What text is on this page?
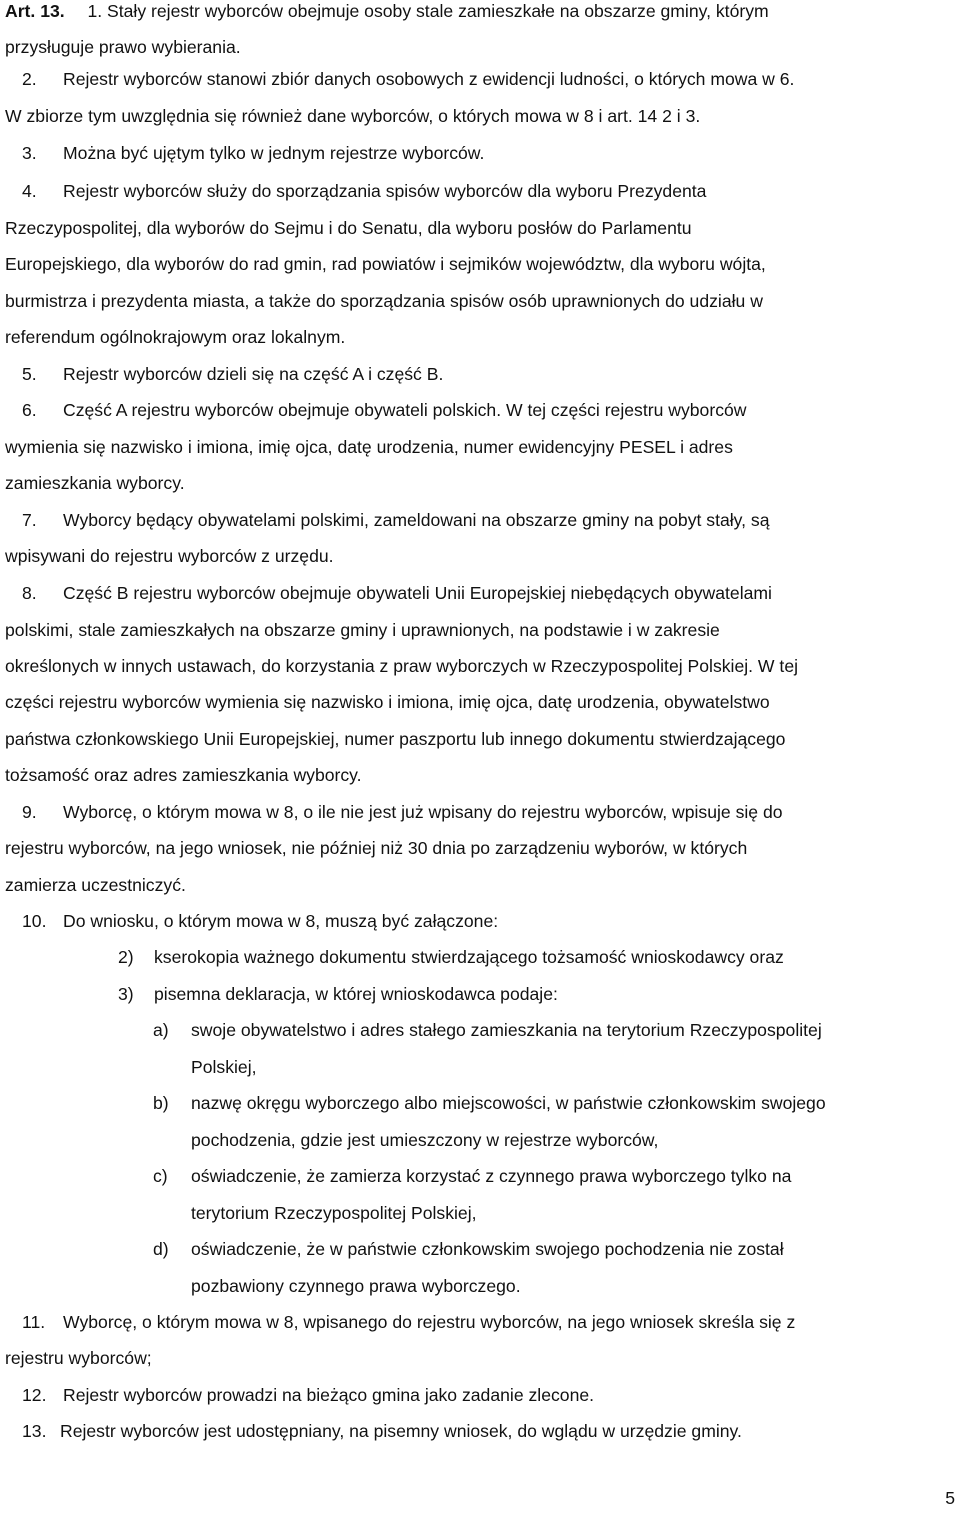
Art. 13. 1. Stały rejestr wyborców obejmuje osoby stale zamieszkałe na obszarze gminy, którym
przysługuje prawo wybierania.
2. Rejestr wyborców stanowi zbiór danych osobowych z ewidencji ludności, o których mowa w 6.
W zbiorze tym uwzględnia się również dane wyborców, o których mowa w 8 i art. 14 2 i 3.
3. Można być ujętym tylko w jednym rejestrze wyborców.
4. Rejestr wyborców służy do sporządzania spisów wyborców dla wyboru Prezydenta
Rzeczypospolitej, dla wyborów do Sejmu i do Senatu, dla wyboru posłów do Parlamentu
Europejskiego, dla wyborów do rad gmin, rad powiatów i sejmików województw, dla wyboru wójta,
burmistrza i prezydenta miasta, a także do sporządzania spisów osób uprawnionych do udziału w
referendum ogólnokrajowym oraz lokalnym.
5. Rejestr wyborców dzieli się na część A i część B.
6. Część A rejestru wyborców obejmuje obywateli polskich. W tej części rejestru wyborców
wymienia się nazwisko i imiona, imię ojca, datę urodzenia, numer ewidencyjny PESEL i adres
zamieszkania wyborcy.
7. Wyborcy będący obywatelami polskimi, zameldowani na obszarze gminy na pobyt stały, są
wpisywani do rejestru wyborców z urzędu.
8. Część B rejestru wyborców obejmuje obywateli Unii Europejskiej niebędących obywatelami
polskimi, stale zamieszkałych na obszarze gminy i uprawnionych, na podstawie i w zakresie
określonych w innych ustawach, do korzystania z praw wyborczych w Rzeczypospolitej Polskiej. W tej
części rejestru wyborców wymienia się nazwisko i imiona, imię ojca, datę urodzenia, obywatelstwo
państwa członkowskiego Unii Europejskiej, numer paszportu lub innego dokumentu stwierdzającego
tożsamość oraz adres zamieszkania wyborcy.
9. Wyborcę, o którym mowa w 8, o ile nie jest już wpisany do rejestru wyborców, wpisuje się do
rejestru wyborców, na jego wniosek, nie później niż 30 dnia po zarządzeniu wyborów, w których
zamierza uczestniczyć.
10. Do wniosku, o którym mowa w 8, muszą być załączone:
2) kserokopia ważnego dokumentu stwierdzającego tożsamość wnioskodawcy oraz
3) pisemna deklaracja, w której wnioskodawca podaje:
a) swoje obywatelstwo i adres stałego zamieszkania na terytorium Rzeczypospolitej
Polskiej,
b) nazwę okręgu wyborczego albo miejscowości, w państwie członkowskim swojego
pochodzenia, gdzie jest umieszczony w rejestrze wyborców,
c) oświadczenie, że zamierza korzystać z czynnego prawa wyborczego tylko na
terytorium Rzeczypospolitej Polskiej,
d) oświadczenie, że w państwie członkowskim swojego pochodzenia nie został
pozbawiony czynnego prawa wyborczego.
11. Wyborcę, o którym mowa w 8, wpisanego do rejestru wyborców, na jego wniosek skreśla się z
rejestru wyborców;
12. Rejestr wyborców prowadzi na bieżąco gmina jako zadanie zlecone.
13. Rejestr wyborców jest udostępniany, na pisemny wniosek, do wglądu w urzędzie gminy.
5
